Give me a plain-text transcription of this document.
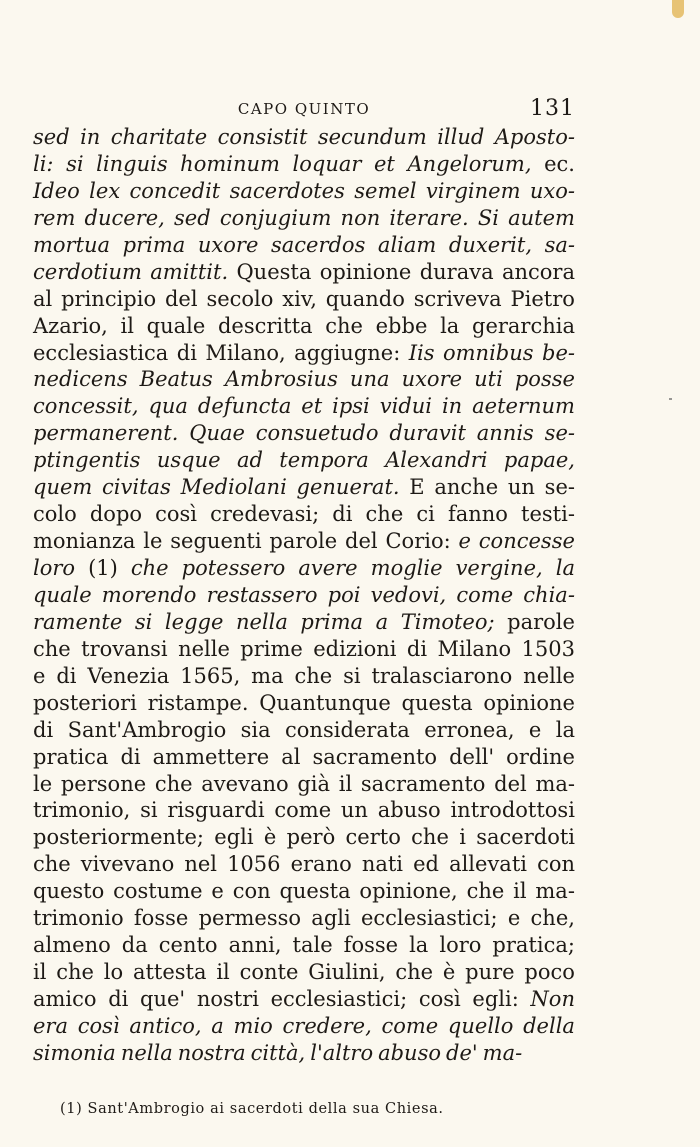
CAPO QUINTO	131
sed in charitate consistit secundum illud Aposto-
li: si linguis hominum loquar et Angelorum, ec.
Ideo lex concedit sacerdotes semel virginem uxo-
rem ducere, sed conjugium non iterare. Si autem
mortua prima uxore sacerdos aliam duxerit, sa-
cerdotium amittit. Questa opinione durava ancora
al principio del secolo xiv, quando scriveva Pietro
Azario, il quale descritta che ebbe la gerarchia
ecclesiastica di Milano, aggiugne: Iis omnibus be-
nedicens Beatus Ambrosius una uxore uti posse
concessit, qua defuncta et ipsi vidui in aeternum
permanerent. Quae consuetudo duravit annis se-
ptingentis usque ad tempora Alexandri papae,
quem civitas Mediolani genuerat. E anche un se-
colo dopo così credevasi; di che ci fanno testi-
monianza le seguenti parole del Corio: e concesse
loro (1) che potessero avere moglie vergine, la
quale morendo restassero poi vedovi, come chia-
ramente si legge nella prima a Timoteo; parole
che trovansi nelle prime edizioni di Milano 1503
e di Venezia 1565, ma che si tralasciarono nelle
posteriori ristampe. Quantunque questa opinione
di Sant'Ambrogio sia considerata erronea, e la
pratica di ammettere al sacramento dell' ordine
le persone che avevano già il sacramento del ma-
trimonio, si risguardi come un abuso introdottosi
posteriormente; egli è però certo che i sacerdoti
che vivevano nel 1056 erano nati ed allevati con
questo costume e con questa opinione, che il ma-
trimonio fosse permesso agli ecclesiastici; e che,
almeno da cento anni, tale fosse la loro pratica;
il che lo attesta il conte Giulini, che è pure poco
amico di que' nostri ecclesiastici; così egli: Non
era così antico, a mio credere, come quello della
simonia nella nostra città, l'altro abuso de' ma-
(1) Sant'Ambrogio ai sacerdoti della sua Chiesa.
